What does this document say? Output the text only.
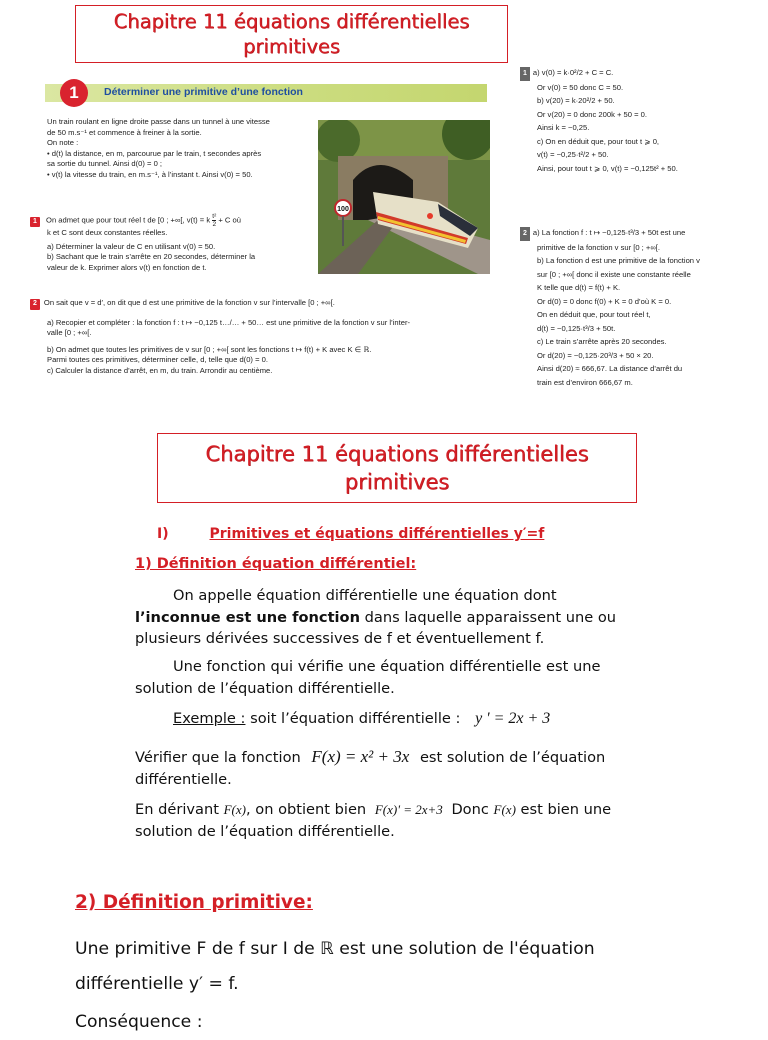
Chapitre 11 équations différentielles
primitives
1	Déterminer une primitive d’une fonction
Un train roulant en ligne droite passe dans un tunnel à une vitesse
de 50 m.s⁻¹ et commence à freiner à la sortie.
On note :
• d(t) la distance, en m, parcourue par le train, t secondes après
sa sortie du tunnel. Ainsi d(0) = 0 ;
• v(t) la vitesse du train, en m.s⁻¹, à l’instant t. Ainsi v(0) = 50.
100
1 On admet que pour tout réel t de [0 ; +∞[, v(t) = k $\frac{\text{t²}}{2} + C$ où
k et C sont deux constantes réelles.
a) Déterminer la valeur de C en utilisant v(0) = 50.
b) Sachant que le train s’arrête en 20 secondes, déterminer la
valeur de k. Exprimer alors v(t) en fonction de t.
2 On sait que v = d′, on dit que d est une primitive de la fonction v sur l’intervalle [0 ; +∞[.
a) Recopier et compléter : la fonction f : t ↦ −0,125 t…/… + 50… est une primitive de la fonction v sur l’inter-
valle [0 ; +∞[.
b) On admet que toutes les primitives de v sur [0 ; +∞[ sont les fonctions t ↦ f(t) + K avec K ∈ ℝ.
Parmi toutes ces primitives, déterminer celle, d, telle que d(0) = 0.
c) Calculer la distance d’arrêt, en m, du train. Arrondir au centième.
1 a) v(0) = k·0²/2 + C = C.
Or v(0) = 50 donc C = 50.
b) v(20) = k·20²/2 + 50.
Or v(20) = 0 donc 200k + 50 = 0.
Ainsi k = −0,25.
c) On en déduit que, pour tout t ⩾ 0,
v(t) = −0,25·t²/2 + 50.
Ainsi, pour tout t ⩾ 0, v(t) = −0,125t² + 50.
2 a) La fonction f : t ↦ −0,125·t³/3 + 50t est une
primitive de la fonction v sur [0 ; +∞[.
b) La fonction d est une primitive de la fonction v
sur [0 ; +∞[ donc il existe une constante réelle
K telle que d(t) = f(t) + K.
Or d(0) = 0 donc f(0) + K = 0 d’où K = 0.
On en déduit que, pour tout réel t,
d(t) = −0,125·t³/3 + 50t.
c) Le train s’arrête après 20 secondes.
Or d(20) = −0,125·20³/3 + 50 × 20.
Ainsi d(20) ≈ 666,67. La distance d’arrêt du
train est d’environ 666,67 m.
Chapitre 11 équations différentielles
primitives
I)	Primitives et équations différentielles y′=f
1) Définition équation différentiel:
On appelle équation différentielle une équation dont
l’inconnue est une fonction dans laquelle apparaissent une ou
plusieurs dérivées successives de f et éventuellement f.
Une fonction qui vérifie une équation différentielle est une
solution de l’équation différentielle.
Exemple : soit l’équation différentielle : y ' = 2x + 3
Vérifier que la fonction F(x) = x² + 3x est solution de l’équation
différentielle.
En dérivant F(x), on obtient bien F(x)' = 2x+3 Donc F(x) est bien une
solution de l’équation différentielle.
2) Définition primitive:
Une primitive F de f sur I de ℝ est une solution de l'équation
différentielle y′ = f.
Conséquence :
